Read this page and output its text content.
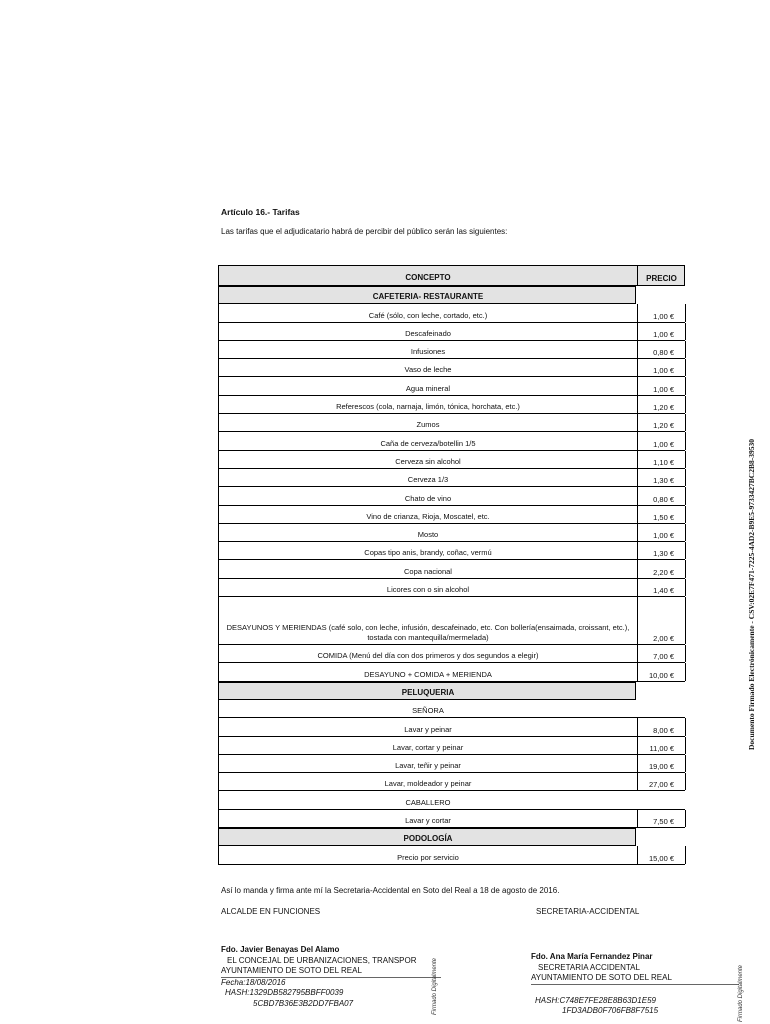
Artículo 16.- Tarifas
Las tarifas que el adjudicatario habrá de percibir del público serán las siguientes:
CONCEPTO	PRECIO
CAFETERIA- RESTAURANTE
Café (sólo, con leche, cortado, etc.)	1,00 €
Descafeinado	1,00 €
Infusiones	0,80 €
Vaso de leche	1,00 €
Agua mineral	1,00 €
Referescos (cola, narnaja, limón, tónica, horchata, etc.)	1,20 €
Zumos	1,20 €
Caña de cerveza/botellin 1/5	1,00 €
Cerveza sin alcohol	1,10 €
Cerveza 1/3	1,30 €
Chato de vino	0,80 €
Vino de crianza, Rioja, Moscatel, etc.	1,50 €
Mosto	1,00 €
Copas tipo anis, brandy, coñac, vermú	1,30 €
Copa nacional	2,20 €
Licores con o sin alcohol	1,40 €
DESAYUNOS Y MERIENDAS (café solo, con leche, infusión, descafeinado, etc. Con bollería(ensaimada, croissant, etc.), tostada con mantequilla/mermelada)	2,00 €
COMIDA (Menú del día con dos primeros y dos segundos a elegir)	7,00 €
DESAYUNO + COMIDA + MERIENDA	10,00 €
PELUQUERIA
SEÑORA
Lavar y peinar	8,00 €
Lavar, cortar y peinar	11,00 €
Lavar, teñir y peinar	19,00 €
Lavar, moldeador y peinar	27,00 €
CABALLERO
Lavar y cortar	7,50 €
PODOLOGÍA
Precio por servicio	15,00 €
Así lo manda y firma ante mí la Secretaria-Accidental en Soto del Real a 18 de agosto de 2016.
ALCALDE EN FUNCIONES	SECRETARIA-ACCIDENTAL
Fdo. Javier Benayas Del Alamo
EL CONCEJAL DE URBANIZACIONES, TRANSPOR
AYUNTAMIENTO DE SOTO DEL REAL
Fecha:18/08/2016
HASH:1329DB582795BBFF0039
5CBD7B36E3B2DD7FBA07	Firmado Digitalmente
Fdo. Ana María Fernandez Pinar
SECRETARIA ACCIDENTAL
AYUNTAMIENTO DE SOTO DEL REAL
HASH:C748E7FE28E8B63D1E59
1FD3ADB0F706FB8F7515	Firmado Digitalmente
Documento Firmado Electrónicamente - CSV:02E7F471-7225-4AD2-B9E5-9733427BC2B8-39530
